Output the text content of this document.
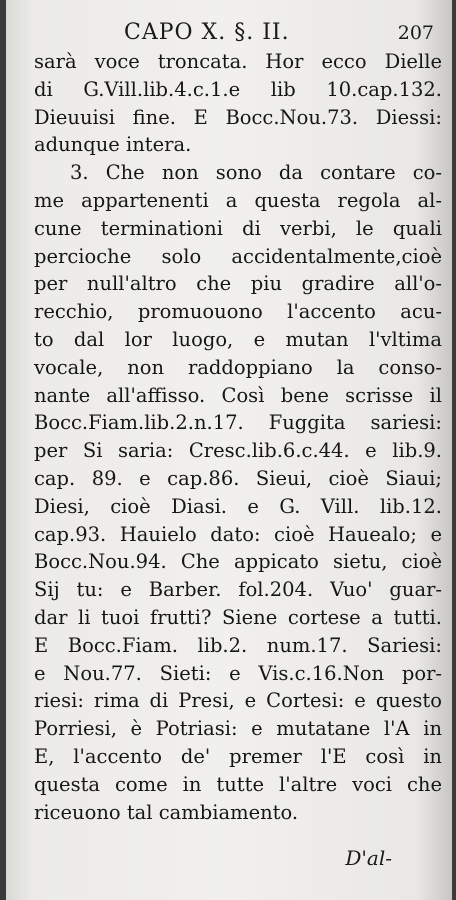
CAPO X. §. II.	207
sarà voce troncata. Hor ecco Dielle
di G.Vill.lib.4.c.1.e lib 10.cap.132.
Dieuuisi fine. E Bocc.Nou.73. Diessi:
adunque intera.
3. Che non sono da contare co-
me appartenenti a questa regola al-
cune terminationi di verbi, le quali
percioche solo accidentalmente,cioè
per null'altro che piu gradire all'o-
recchio, promuouono l'accento acu-
to dal lor luogo, e mutan l'vltima
vocale, non raddoppiano la conso-
nante all'affisso. Così bene scrisse il
Bocc.Fiam.lib.2.n.17. Fuggita sariesi:
per Si saria: Cresc.lib.6.c.44. e lib.9.
cap. 89. e cap.86. Sieui, cioè Siaui;
Diesi, cioè Diasi. e G. Vill. lib.12.
cap.93. Hauielo dato: cioè Hauealo; e
Bocc.Nou.94. Che appicato sietu, cioè
Sij tu: e Barber. fol.204. Vuo' guar-
dar li tuoi frutti? Siene cortese a tutti.
E Bocc.Fiam. lib.2. num.17. Sariesi:
e Nou.77. Sieti: e Vis.c.16.Non por-
riesi: rima di Presi, e Cortesi: e questo
Porriesi, è Potriasi: e mutatane l'A in
E, l'accento de' premer l'E così in
questa come in tutte l'altre voci che
riceuono tal cambiamento.
D'al-
